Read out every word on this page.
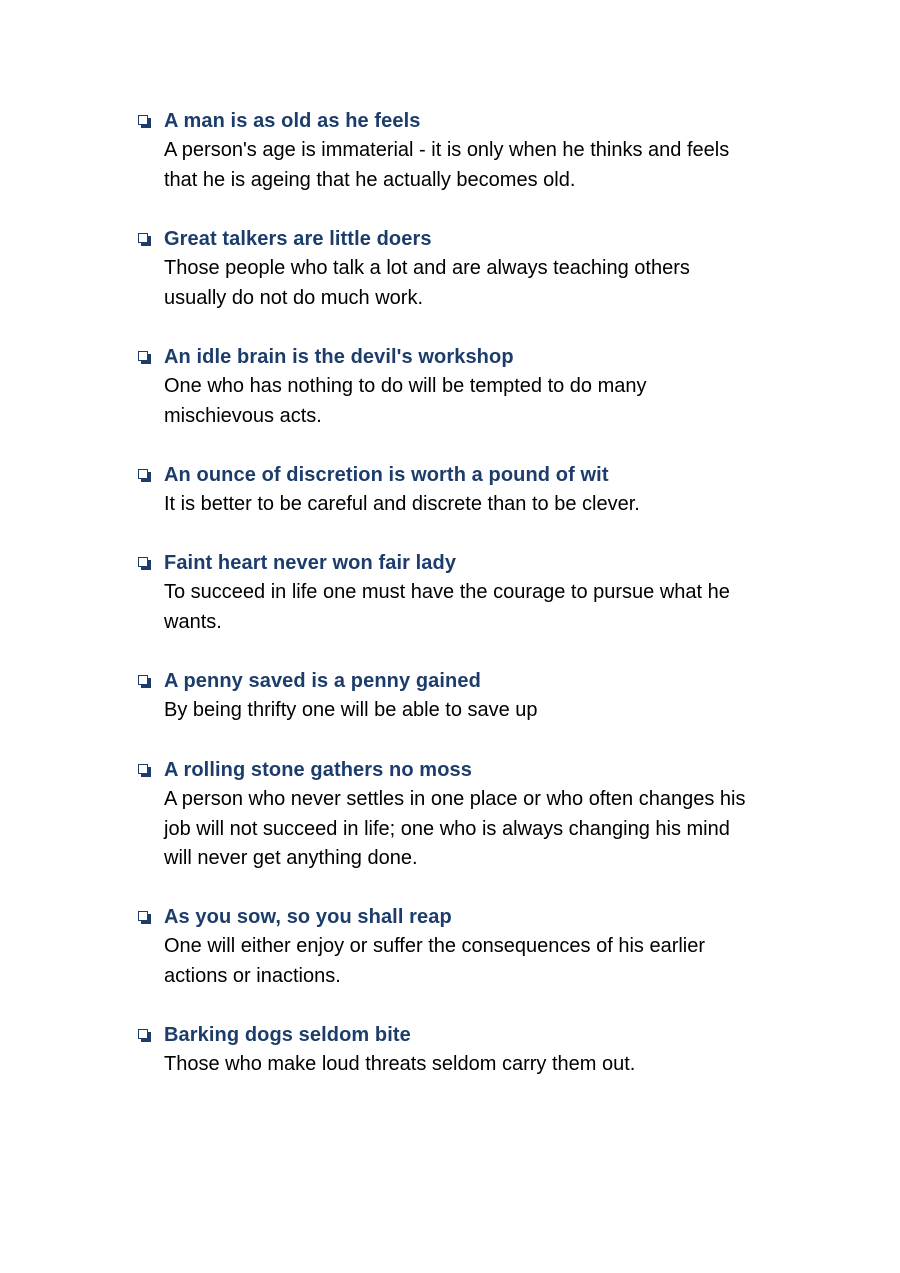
A man is as old as he feels
A person's age is immaterial - it is only when he thinks and feels
that he is ageing that he actually becomes old.
Great talkers are little doers
Those people who talk a lot and are always teaching others
usually do not do much work.
An idle brain is the devil's workshop
One who has nothing to do will be tempted to do many
mischievous acts.
An ounce of discretion is worth a pound of wit
It is better to be careful and discrete than to be clever.
Faint heart never won fair lady
To succeed in life one must have the courage to pursue what he
wants.
A penny saved is a penny gained
By being thrifty one will be able to save up
A rolling stone gathers no moss
A person who never settles in one place or who often changes his
job will not succeed in life; one who is always changing his mind
will never get anything done.
As you sow, so you shall reap
One will either enjoy or suffer the consequences of his earlier
actions or inactions.
Barking dogs seldom bite
Those who make loud threats seldom carry them out.
